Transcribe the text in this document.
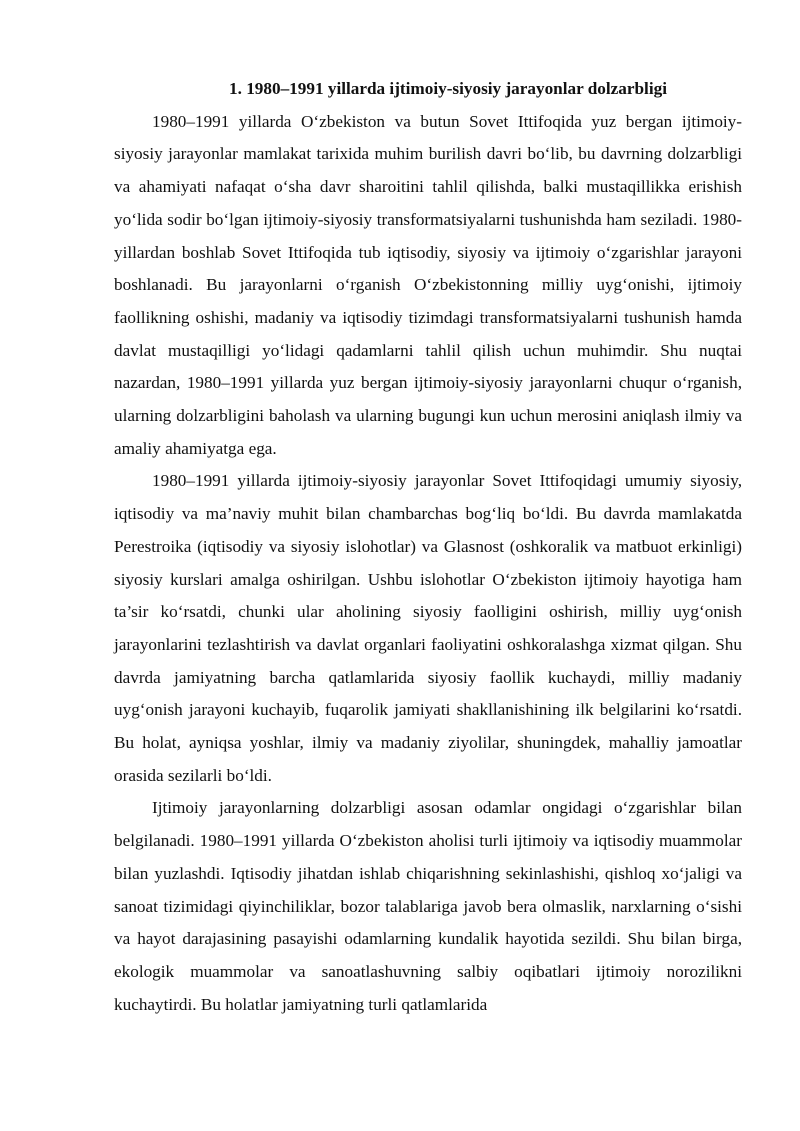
1. 1980–1991 yillarda ijtimoiy-siyosiy jarayonlar dolzarbligi

1980–1991 yillarda O‘zbekiston va butun Sovet Ittifoqida yuz bergan ijtimoiy-siyosiy jarayonlar mamlakat tarixida muhim burilish davri bo‘lib, bu davrning dolzarbligi va ahamiyati nafaqat o‘sha davr sharoitini tahlil qilishda, balki mustaqillikka erishish yo‘lida sodir bo‘lgan ijtimoiy-siyosiy transformatsiyalarni tushunishda ham seziladi. 1980-yillardan boshlab Sovet Ittifoqida tub iqtisodiy, siyosiy va ijtimoiy o‘zgarishlar jarayoni boshlanadi. Bu jarayonlarni o‘rganish O‘zbekistonning milliy uyg‘onishi, ijtimoiy faollikning oshishi, madaniy va iqtisodiy tizimdagi transformatsiyalarni tushunish hamda davlat mustaqilligi yo‘lidagi qadamlarni tahlil qilish uchun muhimdir. Shu nuqtai nazardan, 1980–1991 yillarda yuz bergan ijtimoiy-siyosiy jarayonlarni chuqur o‘rganish, ularning dolzarbligini baholash va ularning bugungi kun uchun merosini aniqlash ilmiy va amaliy ahamiyatga ega.

1980–1991 yillarda ijtimoiy-siyosiy jarayonlar Sovet Ittifoqidagi umumiy siyosiy, iqtisodiy va ma’naviy muhit bilan chambarchas bog‘liq bo‘ldi. Bu davrda mamlakatda Perestroika (iqtisodiy va siyosiy islohotlar) va Glasnost (oshkoralik va matbuot erkinligi) siyosiy kurslari amalga oshirilgan. Ushbu islohotlar O‘zbekiston ijtimoiy hayotiga ham ta’sir ko‘rsatdi, chunki ular aholining siyosiy faolligini oshirish, milliy uyg‘onish jarayonlarini tezlashtirish va davlat organlari faoliyatini oshkoralashga xizmat qilgan. Shu davrda jamiyatning barcha qatlamlarida siyosiy faollik kuchaydi, milliy madaniy uyg‘onish jarayoni kuchayib, fuqarolik jamiyati shakllanishining ilk belgilarini ko‘rsatdi. Bu holat, ayniqsa yoshlar, ilmiy va madaniy ziyolilar, shuningdek, mahalliy jamoatlar orasida sezilarli bo‘ldi.

Ijtimoiy jarayonlarning dolzarbligi asosan odamlar ongidagi o‘zgarishlar bilan belgilanadi. 1980–1991 yillarda O‘zbekiston aholisi turli ijtimoiy va iqtisodiy muammolar bilan yuzlashdi. Iqtisodiy jihatdan ishlab chiqarishning sekinlashishi, qishloq xo‘jaligi va sanoat tizimidagi qiyinchiliklar, bozor talablariga javob bera olmaslik, narxlarning o‘sishi va hayot darajasining pasayishi odamlarning kundalik hayotida sezildi. Shu bilan birga, ekologik muammolar va sanoatlashuvning salbiy oqibatlari ijtimoiy norozilikni kuchaytirdi. Bu holatlar jamiyatning turli qatlamlarida
